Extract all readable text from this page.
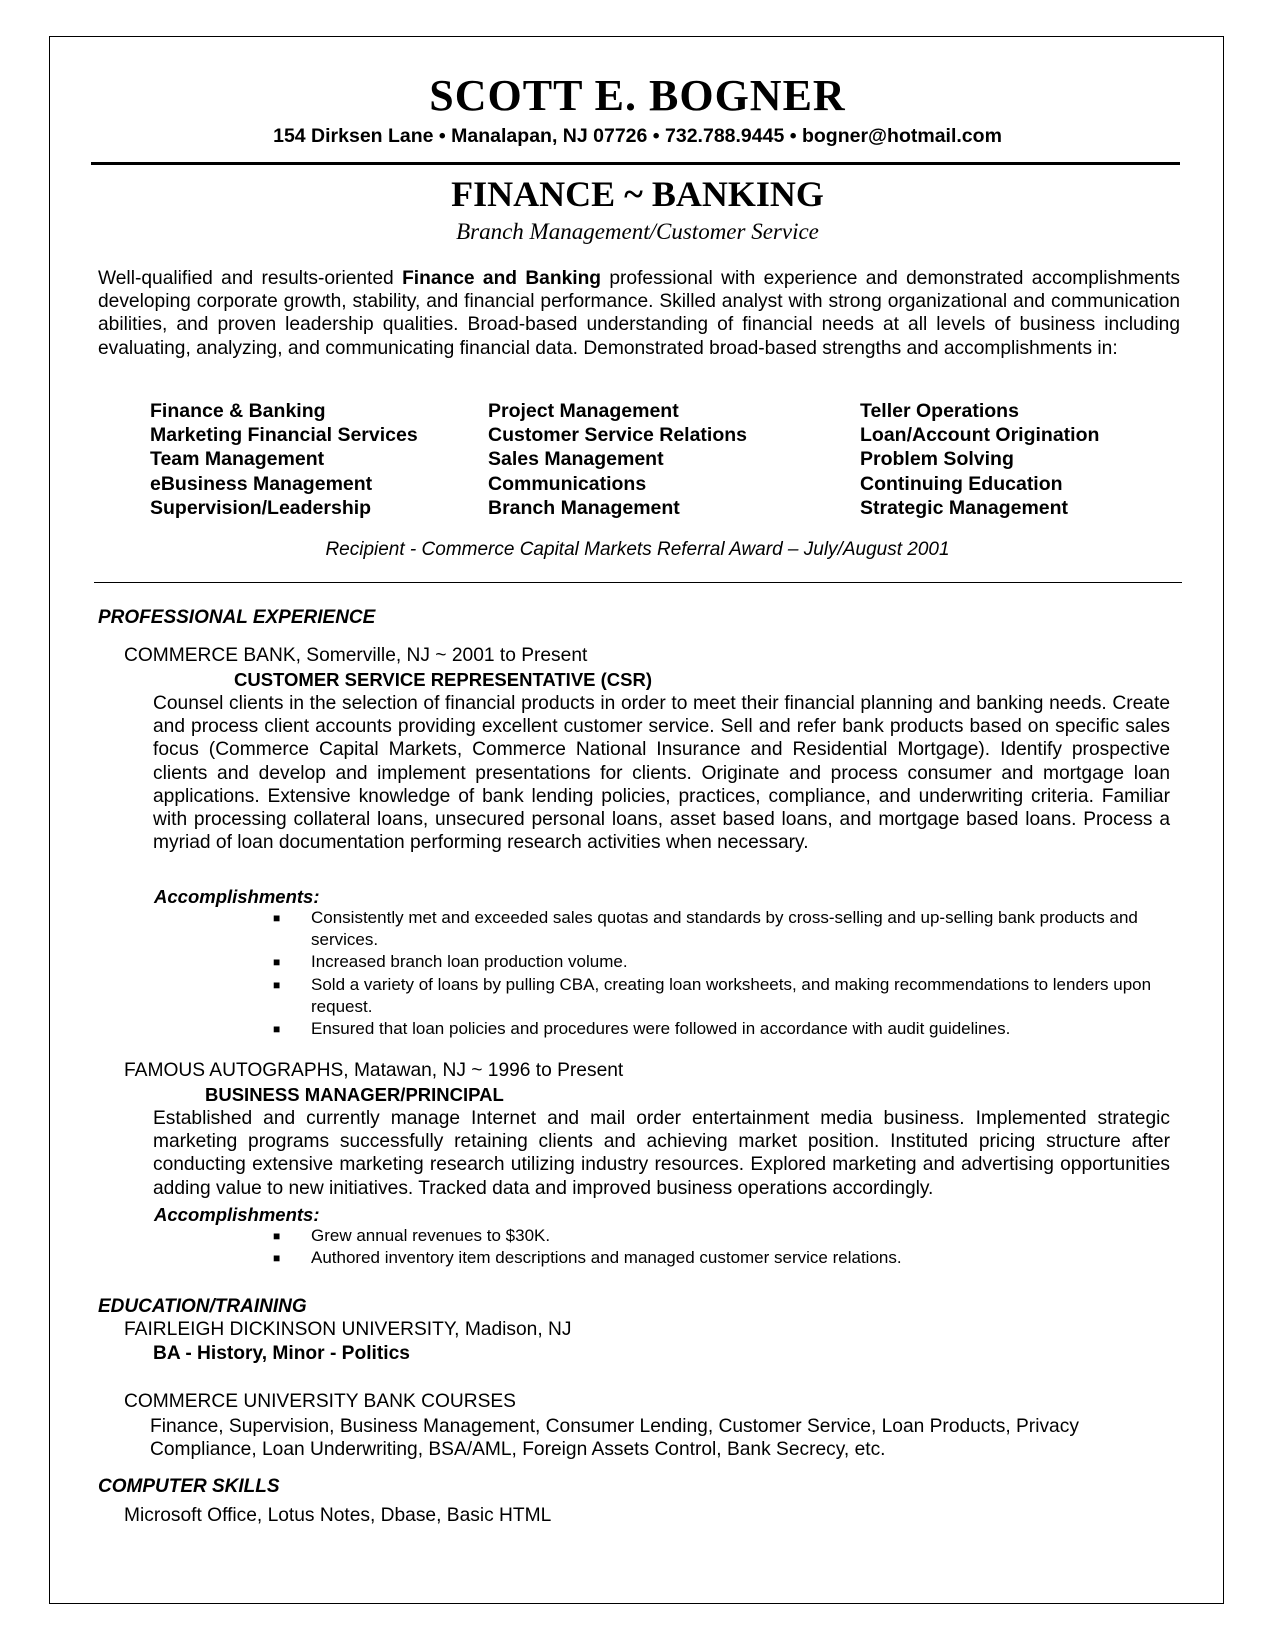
SCOTT E. BOGNER
154 Dirksen Lane • Manalapan, NJ 07726 • 732.788.9445 • bogner@hotmail.com
FINANCE ~ BANKING
Branch Management/Customer Service
Well-qualified and results-oriented Finance and Banking professional with experience and demonstrated accomplishments developing corporate growth, stability, and financial performance. Skilled analyst with strong organizational and communication abilities, and proven leadership qualities. Broad-based understanding of financial needs at all levels of business including evaluating, analyzing, and communicating financial data. Demonstrated broad-based strengths and accomplishments in:
Finance & Banking
Marketing Financial Services
Team Management
eBusiness Management
Supervision/Leadership
Project Management
Customer Service Relations
Sales Management
Communications
Branch Management
Teller Operations
Loan/Account Origination
Problem Solving
Continuing Education
Strategic Management
Recipient - Commerce Capital Markets Referral Award – July/August 2001
PROFESSIONAL EXPERIENCE
COMMERCE BANK, Somerville, NJ ~ 2001 to Present
CUSTOMER SERVICE REPRESENTATIVE (CSR)
Counsel clients in the selection of financial products in order to meet their financial planning and banking needs. Create and process client accounts providing excellent customer service. Sell and refer bank products based on specific sales focus (Commerce Capital Markets, Commerce National Insurance and Residential Mortgage). Identify prospective clients and develop and implement presentations for clients. Originate and process consumer and mortgage loan applications. Extensive knowledge of bank lending policies, practices, compliance, and underwriting criteria. Familiar with processing collateral loans, unsecured personal loans, asset based loans, and mortgage based loans. Process a myriad of loan documentation performing research activities when necessary.
Accomplishments:
■ Consistently met and exceeded sales quotas and standards by cross-selling and up-selling bank products and services.
■ Increased branch loan production volume.
■ Sold a variety of loans by pulling CBA, creating loan worksheets, and making recommendations to lenders upon request.
■ Ensured that loan policies and procedures were followed in accordance with audit guidelines.
FAMOUS AUTOGRAPHS, Matawan, NJ ~ 1996 to Present
BUSINESS MANAGER/PRINCIPAL
Established and currently manage Internet and mail order entertainment media business. Implemented strategic marketing programs successfully retaining clients and achieving market position. Instituted pricing structure after conducting extensive marketing research utilizing industry resources. Explored marketing and advertising opportunities adding value to new initiatives. Tracked data and improved business operations accordingly.
Accomplishments:
■ Grew annual revenues to $30K.
■ Authored inventory item descriptions and managed customer service relations.
EDUCATION/TRAINING
FAIRLEIGH DICKINSON UNIVERSITY, Madison, NJ
BA - History, Minor - Politics
COMMERCE UNIVERSITY BANK COURSES
Finance, Supervision, Business Management, Consumer Lending, Customer Service, Loan Products, Privacy Compliance, Loan Underwriting, BSA/AML, Foreign Assets Control, Bank Secrecy, etc.
COMPUTER SKILLS
Microsoft Office, Lotus Notes, Dbase, Basic HTML
